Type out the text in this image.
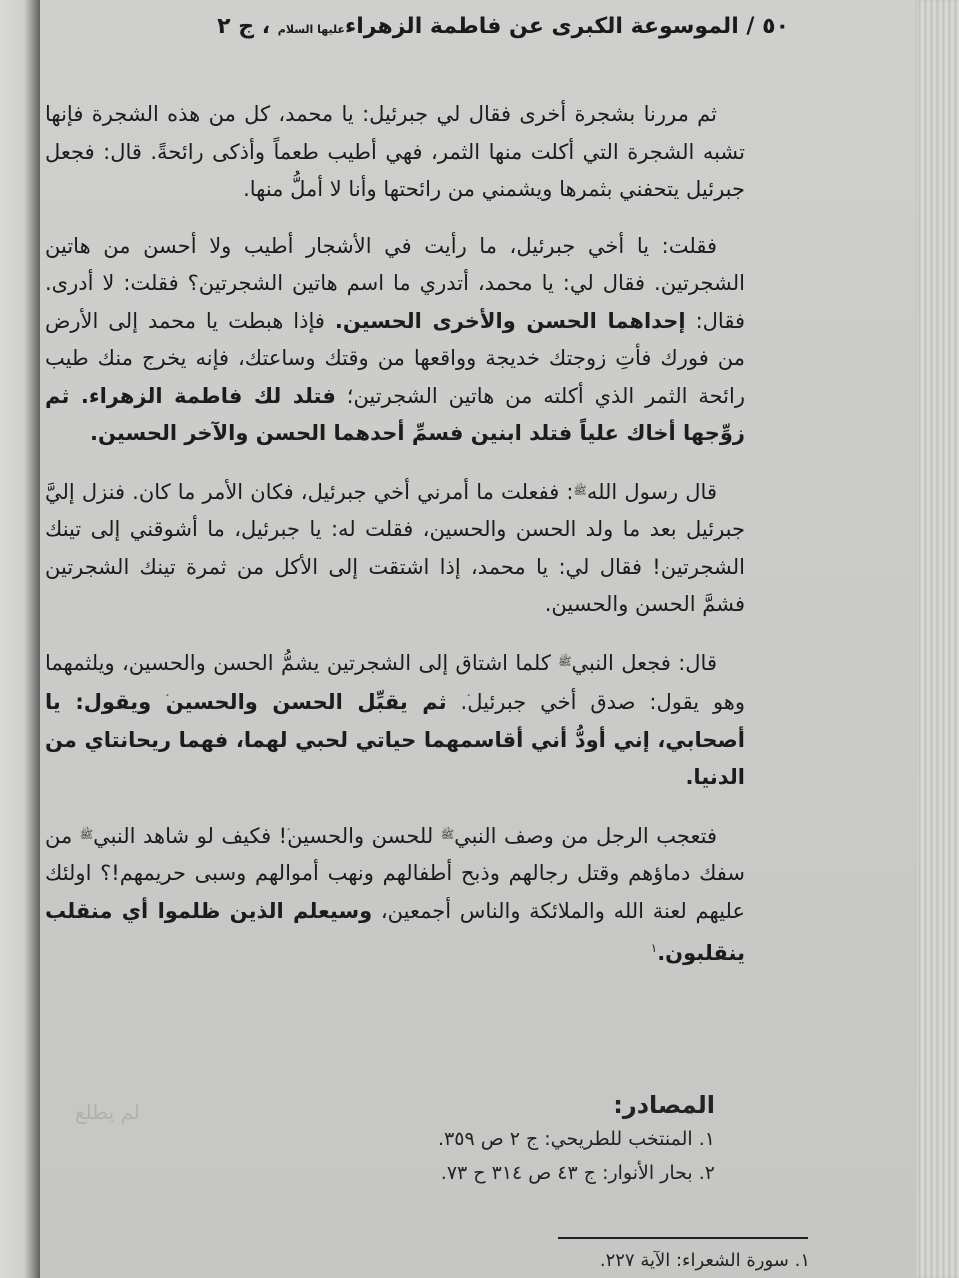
لم يطلع
٥٠ / الموسوعة الكبرى عن فاطمة الزهراءعليها السلام ، ج ٢

ثم مررنا بشجرة أخرى فقال لي جبرئيل: يا محمد، كل من هذه الشجرة فإنها تشبه الشجرة التي أكلت منها الثمر، فهي أطيب طعماً وأذكى رائحةً. قال: فجعل جبرئيل يتحفني بثمرها ويشمني من رائحتها وأنا لا أملُّ منها.

فقلت: يا أخي جبرئيل، ما رأيت في الأشجار أطيب ولا أحسن من هاتين الشجرتين. فقال لي: يا محمد، أتدري ما اسم هاتين الشجرتين؟ فقلت: لا أدرى. فقال: إحداهما الحسن والأخرى الحسين. فإذا هبطت يا محمد إلى الأرض من فورك فأتِ زوجتك خديجة وواقعها من وقتك وساعتك، فإنه يخرج منك طيب رائحة الثمر الذي أكلته من هاتين الشجرتين؛ فتلد لك فاطمة الزهراء. ثم زوِّجها أخاك علياً فتلد ابنين فسمِّ أحدهما الحسن والآخر الحسين.

قال رسول الله$^ﷺ$: ففعلت ما أمرني أخي جبرئيل، فكان الأمر ما كان. فنزل إليَّ جبرئيل بعد ما ولد الحسن والحسين، فقلت له: يا جبرئيل، ما أشوقني إلى تينك الشجرتين! فقال لي: يا محمد، إذا اشتقت إلى الأكل من ثمرة تينك الشجرتين فشمَّ الحسن والحسين.

قال: فجعل النبي$^ﷺ$ كلما اشتاق إلى الشجرتين يشمُّ الحسن والحسين، ويلثمهما وهو يقول: صدق أخي جبرئيل. ثم يقبِّل الحسن والحسين ويقول: يا أصحابي، إني أودُّ أني أقاسمهما حياتي لحبي لهما، فهما ريحانتاي من الدنيا.

فتعجب الرجل من وصف النبي$^ﷺ$ للحسن والحسين! فكيف لو شاهد النبي$^ﷺ$ من سفك دماؤهم وقتل رجالهم وذبح أطفالهم ونهب أموالهم وسبى حريمهم!؟ اولئك عليهم لعنة الله والملائكة والناس أجمعين، وسيعلم الذين ظلموا أي منقلب ينقلبون.$^١$

المصادر:
١. المنتخب للطريحي: ج ٢ ص ٣٥٩.
٢. بحار الأنوار: ج ٤٣ ص ٣١٤ ح ٧٣.
١. سورة الشعراء: الآية ٢٢٧.
